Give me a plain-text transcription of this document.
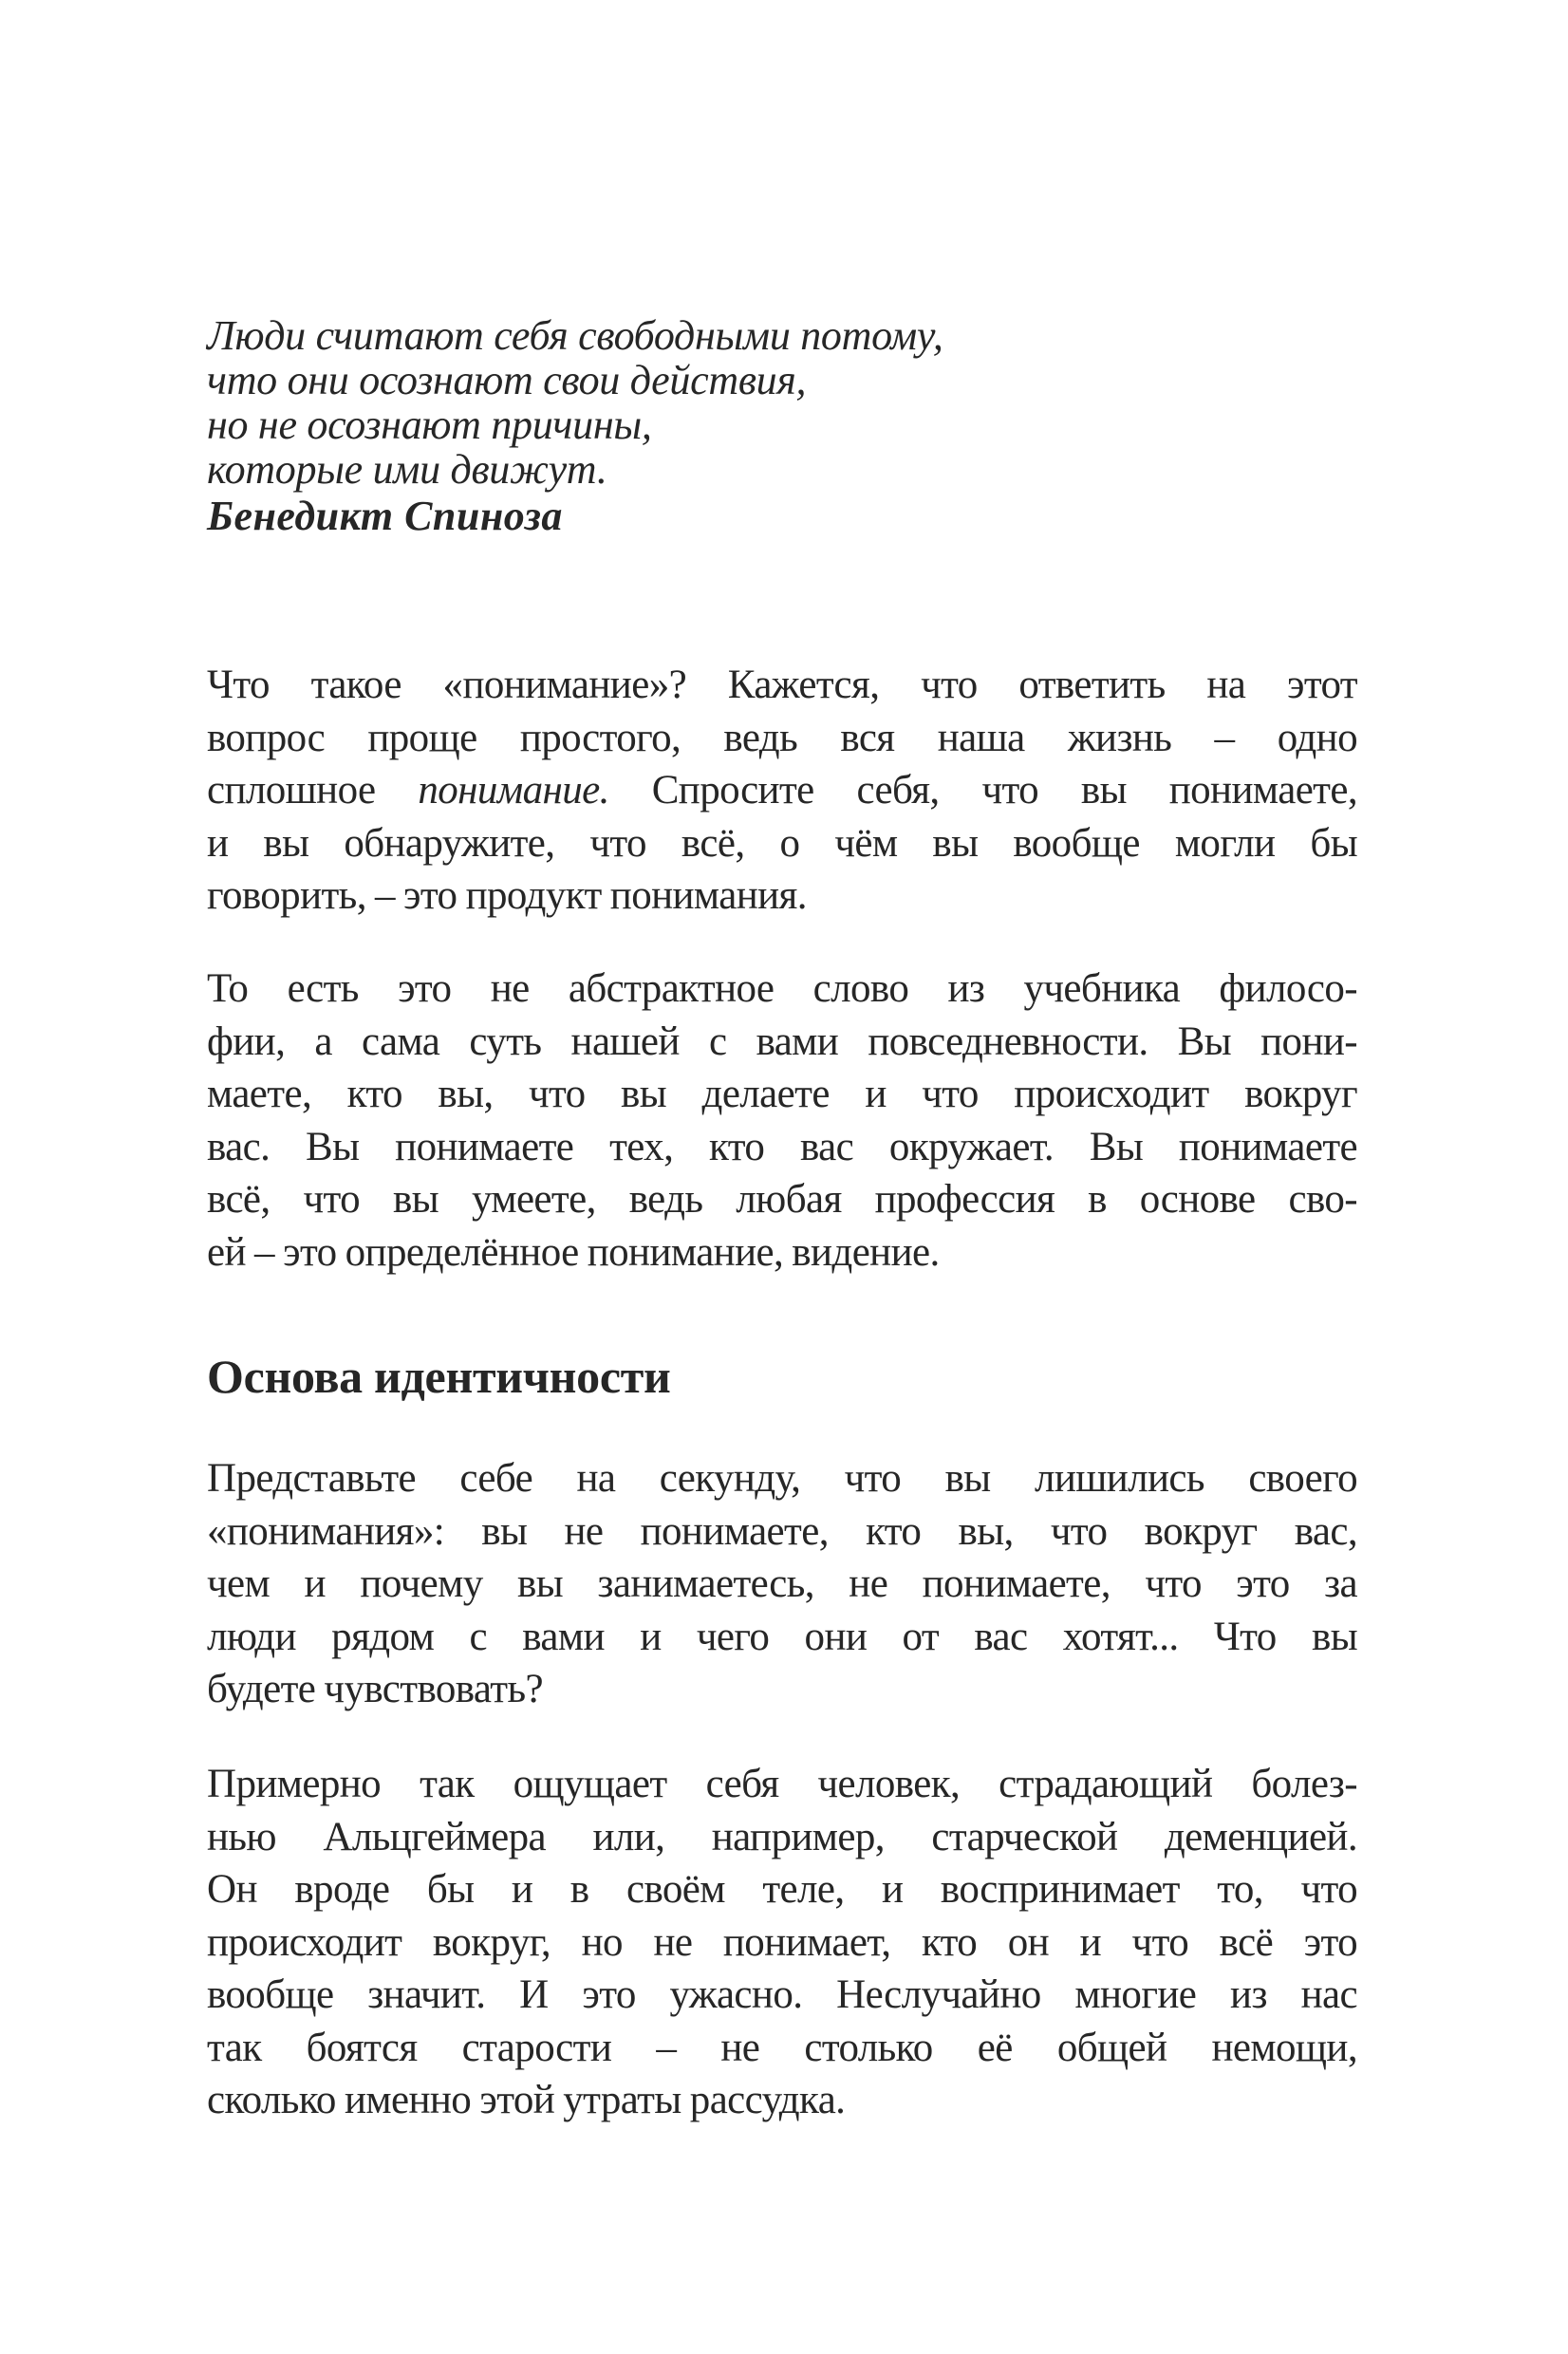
Люди считают себя свободными потому,
что они осознают свои действия,
но не осознают причины,
которые ими движут.
Бенедикт Спиноза
Что такое «понимание»? Кажется, что ответить на этот
вопрос проще простого, ведь вся наша жизнь – одно
сплошное понимание. Спросите себя, что вы понимаете,
и вы обнаружите, что всё, о чём вы вообще могли бы
говорить, – это продукт понимания.
То есть это не абстрактное слово из учебника филосо-
фии, а сама суть нашей с вами повседневности. Вы пони-
маете, кто вы, что вы делаете и что происходит вокруг
вас. Вы понимаете тех, кто вас окружает. Вы понимаете
всё, что вы умеете, ведь любая профессия в основе сво-
ей – это определённое понимание, видение.
Основа идентичности
Представьте себе на секунду, что вы лишились своего
«понимания»: вы не понимаете, кто вы, что вокруг вас,
чем и почему вы занимаетесь, не понимаете, что это за
люди рядом с вами и чего они от вас хотят... Что вы
будете чувствовать?
Примерно так ощущает себя человек, страдающий болез-
нью Альцгеймера или, например, старческой деменцией.
Он вроде бы и в своём теле, и воспринимает то, что
происходит вокруг, но не понимает, кто он и что всё это
вообще значит. И это ужасно. Неслучайно многие из нас
так боятся старости – не столько её общей немощи,
сколько именно этой утраты рассудка.
